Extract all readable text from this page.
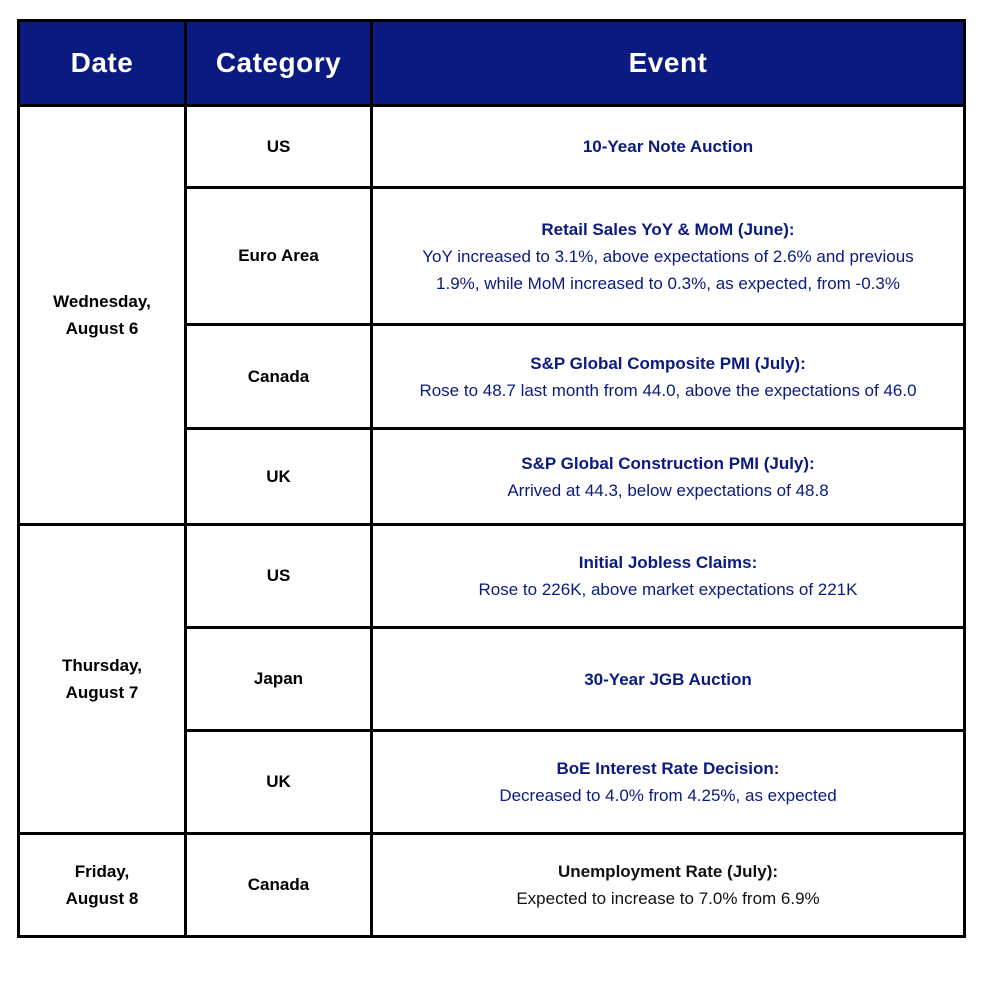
Date	Category	Event

Wednesday,
August 6	US	10-Year Note Auction

	Euro Area	Retail Sales YoY & MoM (June):
YoY increased to 3.1%, above expectations of 2.6% and previous 1.9%, while MoM increased to 0.3%, as expected, from -0.3%

	Canada	S&P Global Composite PMI (July):
Rose to 48.7 last month from 44.0, above the expectations of 46.0

	UK	S&P Global Construction PMI (July):
Arrived at 44.3, below expectations of 48.8

Thursday,
August 7	US	Initial Jobless Claims:
Rose to 226K, above market expectations of 221K

	Japan	30-Year JGB Auction

	UK	BoE Interest Rate Decision:
Decreased to 4.0% from 4.25%, as expected

Friday,
August 8	Canada	Unemployment Rate (July):
Expected to increase to 7.0% from 6.9%
